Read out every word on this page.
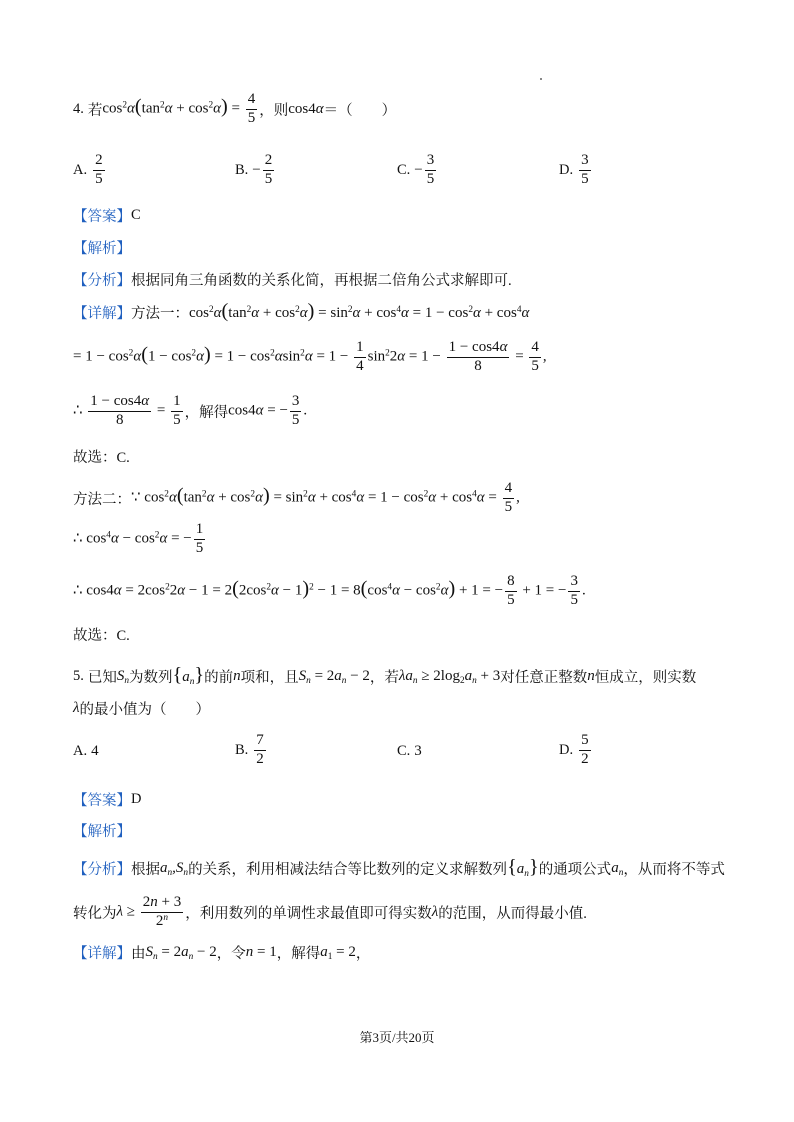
4. 若 $\cos^2\alpha(\tan^2\alpha + \cos^2\alpha) = \frac{4}{5}$ ，则 cos4α ＝（　　）
A. $\frac{2}{5}$	B. − $\frac{2}{5}$	C. − $\frac{3}{5}$	D. $\frac{3}{5}$
【答案】 C
【解析】
【分析】 根据同角三角函数的关系化简，再根据二倍角公式求解即可.
【详解】 方法一： $\cos^2\alpha(\tan^2\alpha + \cos^2\alpha) = \sin^2\alpha + \cos^4\alpha = 1 - \cos^2\alpha + \cos^4\alpha$
= $1 - \cos^2\alpha(1 - \cos^2\alpha) = 1 - \cos^2\alpha\sin^2\alpha = 1 - \frac{1}{4} \sin^22\alpha = 1 - \frac{1 - \cos 4\alpha}{8} = \frac{4}{5}$ ,
∴ $\frac{1 - \cos 4\alpha}{8} = \frac{1}{5}$ ，解得 cos4α = − $\frac{3}{5}$ .
故选：C.
方法二： ∵ $\cos^2\alpha(\tan^2\alpha + \cos^2\alpha) = \sin^2\alpha + \cos^4\alpha = 1 - \cos^2\alpha + \cos^4\alpha = \frac{4}{5}$ ,
∴ $\cos^4\alpha - \cos^2\alpha$ = − $\frac{1}{5}$
∴ $\cos 4\alpha = 2\cos^22\alpha - 1 = 2(2\cos^2\alpha - 1)^2 - 1 = 8(\cos^4\alpha - \cos^2\alpha) + 1$ = − $\frac{8}{5} + 1$ = − $\frac{3}{5}$ .
故选：C.
5. 已知 $S_n$ 为数列 $\{a_n\}$ 的前 n 项和，且 $S_n = 2a_n - 2$ ，若 $\lambda a_n \ge 2\log_2a_n + 3$ 对任意正整数 n 恒成立，则实数
λ 的最小值为（　　）
A. 4	B. $\frac{7}{2}$	C. 3	D. $\frac{5}{2}$
【答案】 D
【解析】
【分析】 根据 $a_n,S_n$ 的关系，利用相减法结合等比数列的定义求解数列 $\{a_n\}$ 的通项公式 $a_n$ ，从而将不等式
转化为 $\lambda \ge \frac{2n + 3}{2^n}$ ，利用数列的单调性求最值即可得实数 λ 的范围，从而得最小值.
【详解】 由 $S_n = 2a_n - 2$ ，令 n = 1 ，解得 $a_1 = 2$ ，
第3页/共20页
